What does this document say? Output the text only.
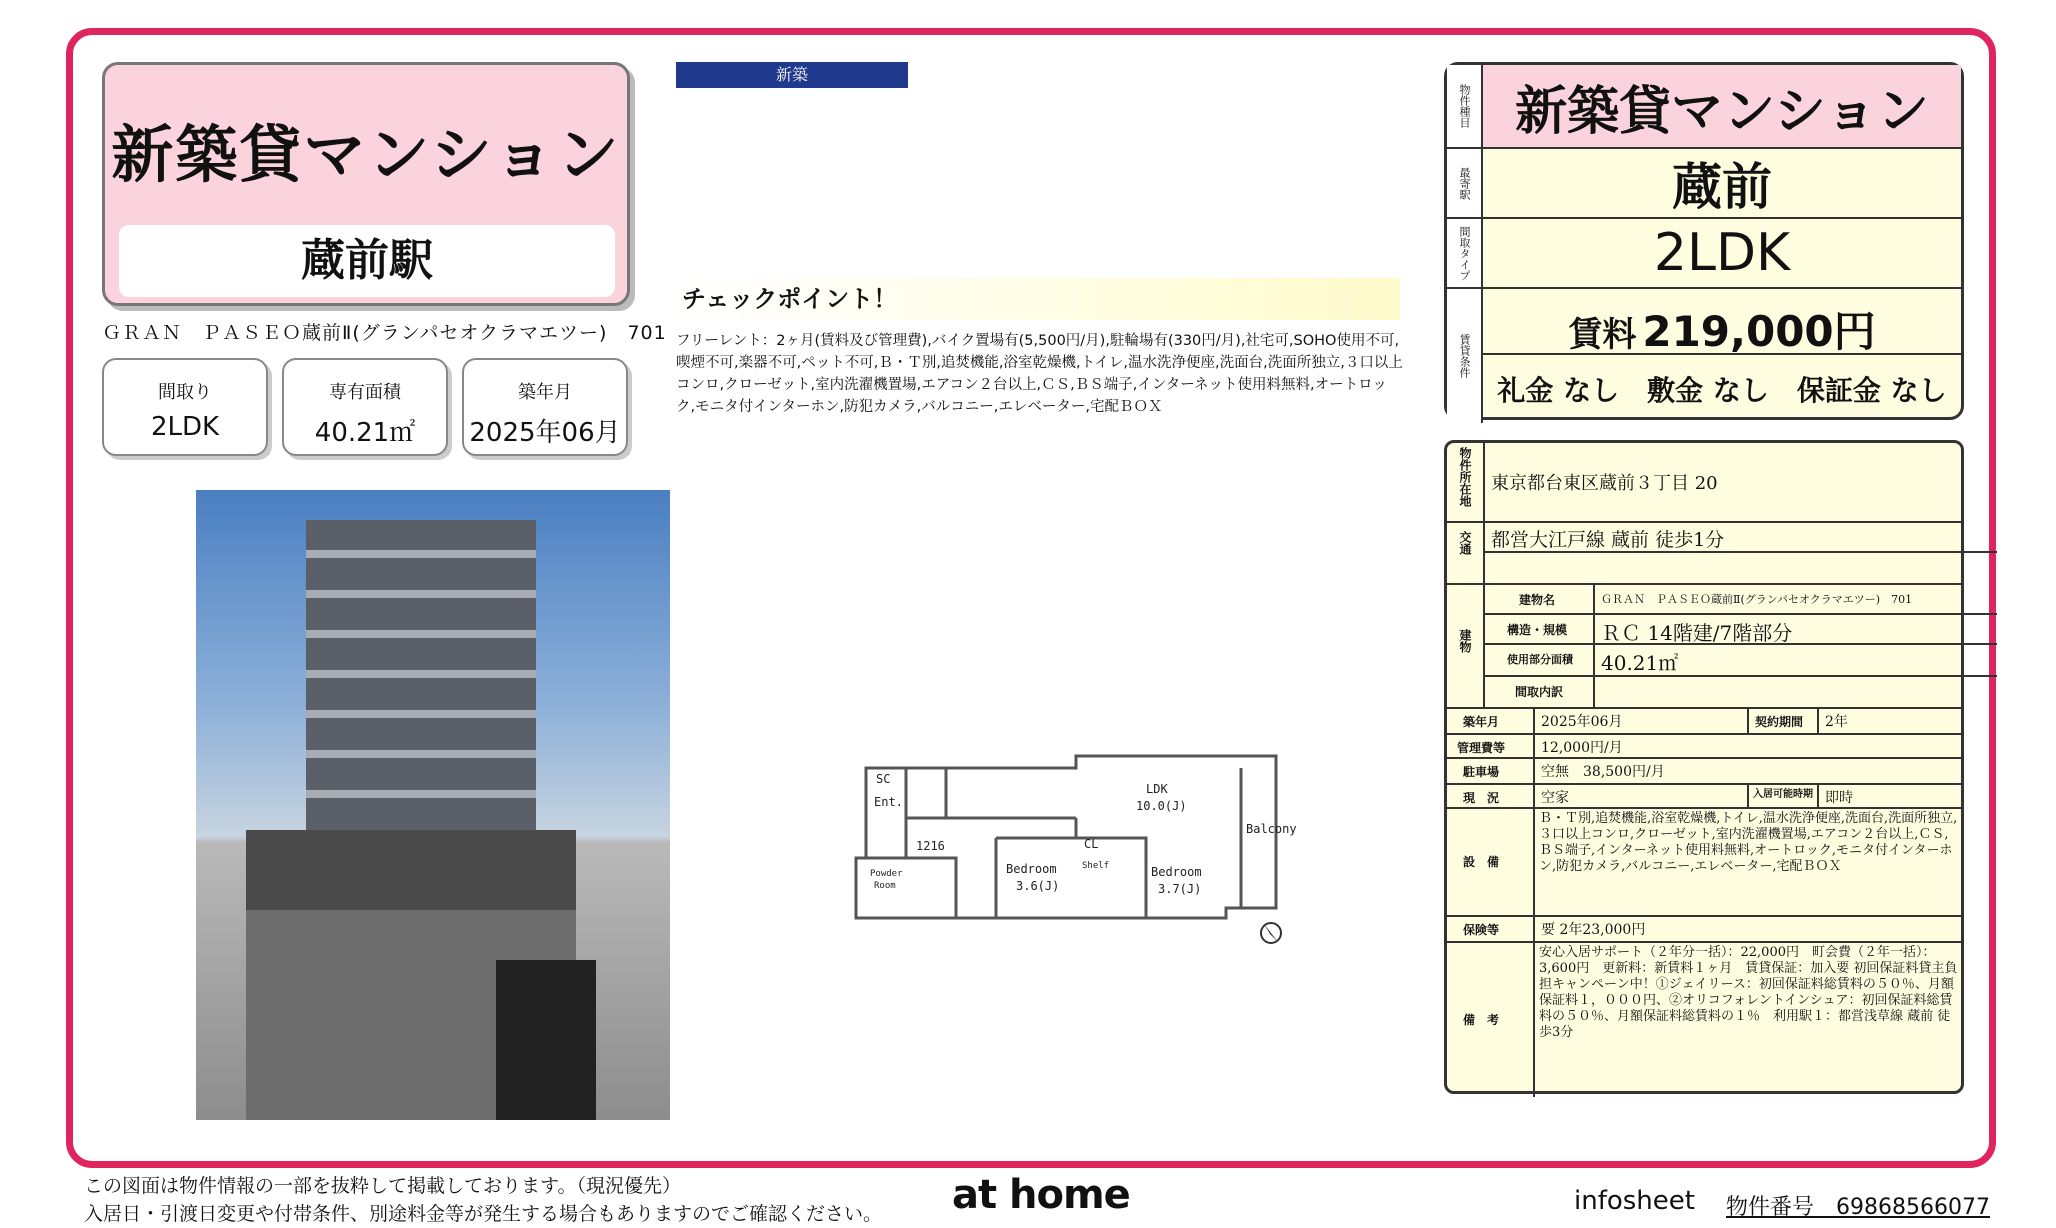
新築貸マンション
蔵前駅
ＧＲＡＮ　ＰＡＳＥＯ蔵前Ⅱ(グランパセオクラマエツー)　701
間取り
2LDK
専有面積
40.21㎡
築年月
2025年06月
新築
チェックポイント！
フリーレント：2ヶ月(賃料及び管理費),バイク置場有(5,500円/月),駐輪場有(330円/月),社宅可,SOHO使用不可,喫煙不可,楽器不可,ペット不可,Ｂ・Ｔ別,追焚機能,浴室乾燥機,トイレ,温水洗浄便座,洗面台,洗面所独立,３口以上コンロ,クローゼット,室内洗濯機置場,エアコン２台以上,ＣＳ,ＢＳ端子,インターネット使用料無料,オートロック,モニタ付インターホン,防犯カメラ,バルコニー,エレベーター,宅配ＢＯＸ
LDK
10.0(J)
Bedroom
3.6(J)
Bedroom
3.7(J)
Balcony
SC
Ent.
1216	CL
Powder
Room
Shelf
物件種目 新築貸マンション
最寄駅	蔵前
間取タイプ	2LDK
賃貸条件	賃料 219,000円
礼金 なし　敷金 なし　保証金 なし
物件所在地 東京都台東区蔵前３丁目 20
交通 都営大江戸線 蔵前 徒歩1分
建物
建物名	ＧＲＡＮ　ＰＡＳＥＯ蔵前Ⅱ(グランパセオクラマエツー)　701
構造・規模 ＲＣ 14階建/7階部分
使用部分面積 40.21㎡
間取内訳
築年月	2025年06月	契約期間 2年
管理費等	12,000円/月
駐車場	空無　38,500円/月
現　況	空家	入居可能時期 即時
設　備
Ｂ・Ｔ別,追焚機能,浴室乾燥機,トイレ,温水洗浄便座,洗面台,洗面所独立,３口以上コンロ,クローゼット,室内洗濯機置場,エアコン２台以上,ＣＳ,ＢＳ端子,インターネット使用料無料,オートロック,モニタ付インターホン,防犯カメラ,バルコニー,エレベーター,宅配ＢＯＸ
保険等	要 2年23,000円
備　考
安心入居サポート（２年分一括）：22,000円　町会費（２年一括）：3,600円　更新料：新賃料１ヶ月　賃貸保証：加入要 初回保証料貸主負担キャンペーン中！①ジェイリース：初回保証料総賃料の５０％、月額保証料１，０００円、②オリコフォレントインシュア：初回保証料総賃料の５０％、月額保証料総賃料の１％　利用駅１：都営浅草線 蔵前 徒歩3分
この図面は物件情報の一部を抜粋して掲載しております。（現況優先）
入居日・引渡日変更や付帯条件、別途料金等が発生する場合もありますのでご確認ください。 at home	infosheet 物件番号　69868566077
